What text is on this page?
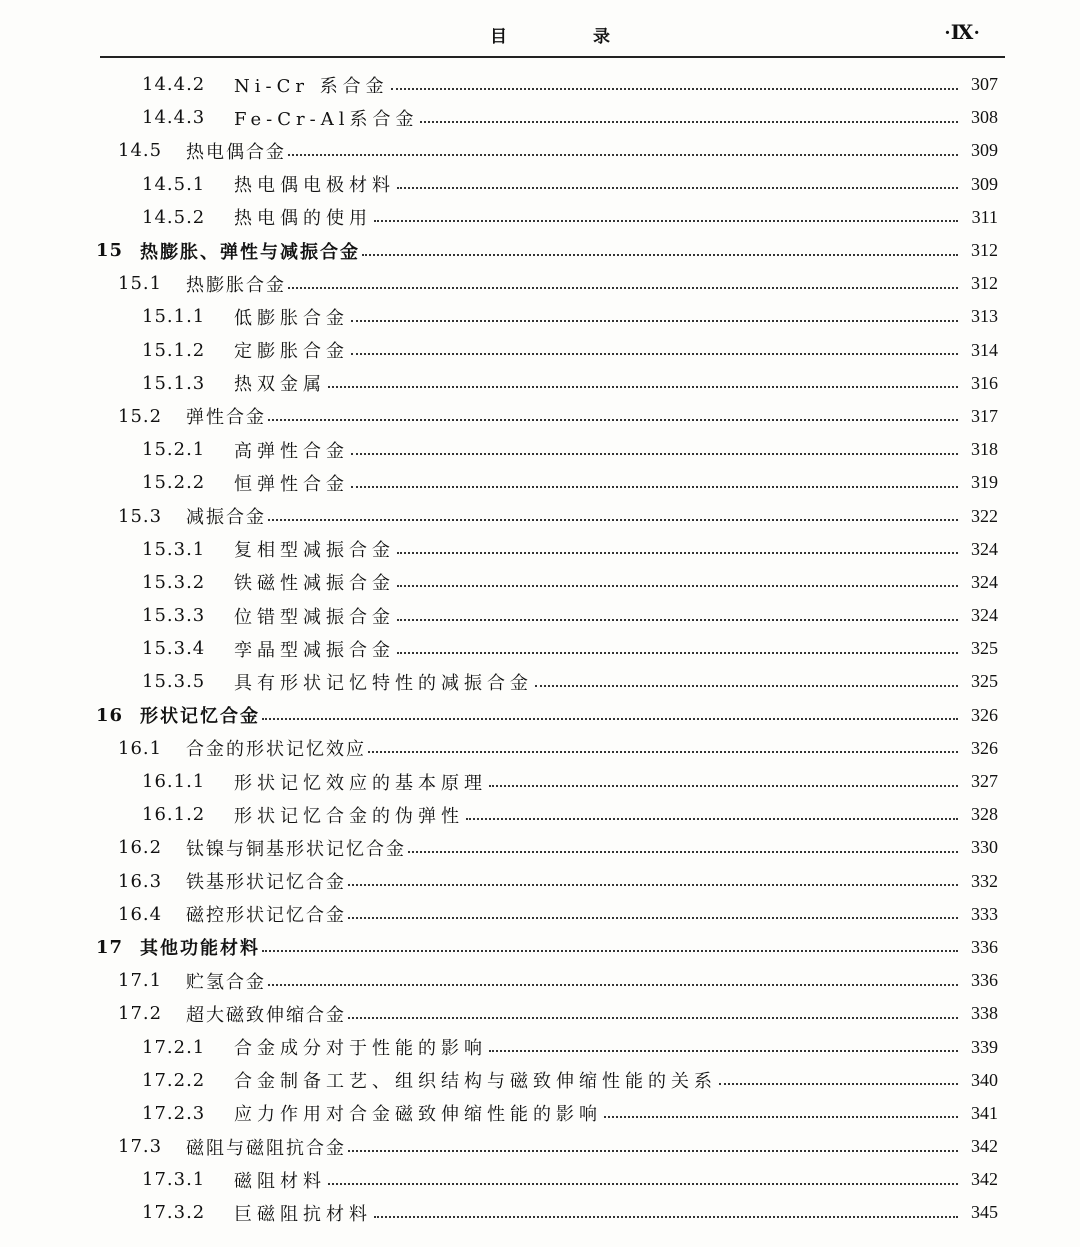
目 录	·Ⅸ·
14.4.2	Ni-Cr 系合金	307
14.4.3	Fe-Cr-Al系合金	308
14.5	热电偶合金	309
14.5.1	热电偶电极材料	309
14.5.2	热电偶的使用	311
15 热膨胀、弹性与减振合金	312
15.1	热膨胀合金	312
15.1.1	低膨胀合金	313
15.1.2	定膨胀合金	314
15.1.3	热双金属	316
15.2	弹性合金	317
15.2.1	高弹性合金	318
15.2.2	恒弹性合金	319
15.3	减振合金	322
15.3.1	复相型减振合金	324
15.3.2	铁磁性减振合金	324
15.3.3	位错型减振合金	324
15.3.4	孪晶型减振合金	325
15.3.5	具有形状记忆特性的减振合金	325
16 形状记忆合金	326
16.1	合金的形状记忆效应	326
16.1.1	形状记忆效应的基本原理	327
16.1.2	形状记忆合金的伪弹性	328
16.2	钛镍与铜基形状记忆合金	330
16.3	铁基形状记忆合金	332
16.4	磁控形状记忆合金	333
17 其他功能材料	336
17.1	贮氢合金	336
17.2	超大磁致伸缩合金	338
17.2.1	合金成分对于性能的影响	339
17.2.2	合金制备工艺、组织结构与磁致伸缩性能的关系	340
17.2.3	应力作用对合金磁致伸缩性能的影响	341
17.3	磁阻与磁阻抗合金	342
17.3.1	磁阻材料	342
17.3.2	巨磁阻抗材料	345
